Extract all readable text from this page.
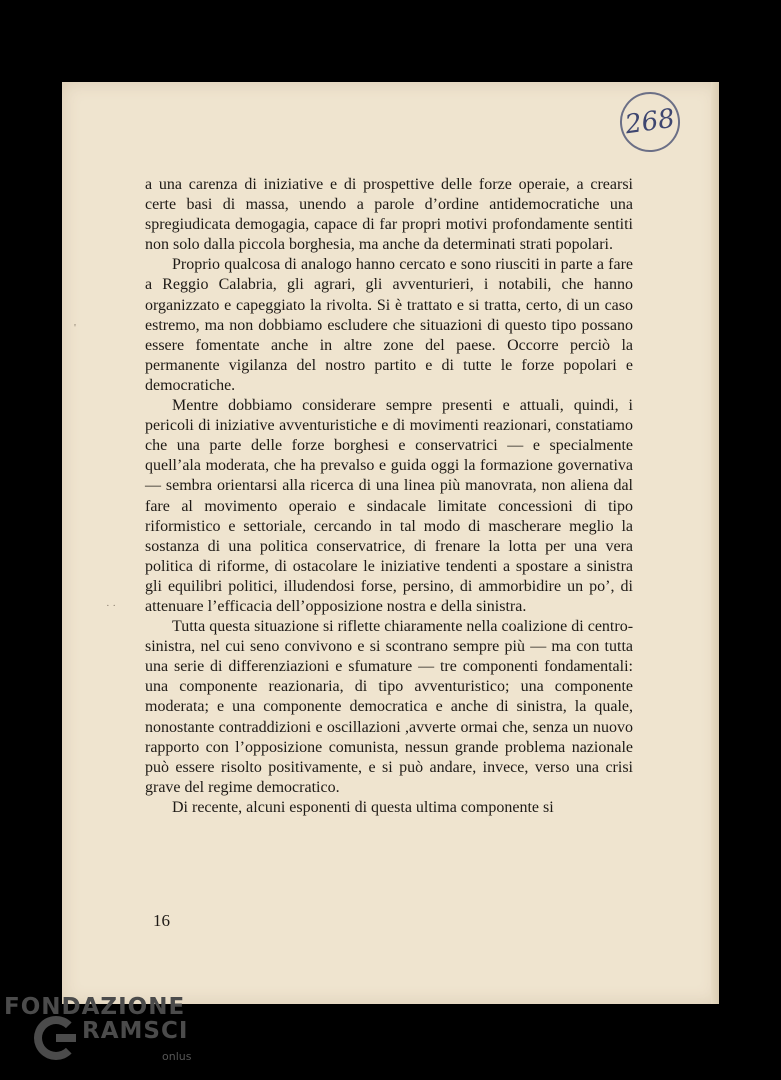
268

a una carenza di iniziative e di prospettive delle forze operaie, a crearsi certe basi di massa, unendo a parole d’ordine antidemocratiche una spregiudicata demogagia, capace di far propri motivi profondamente sentiti non solo dalla piccola borghesia, ma anche da determinati strati popolari.

Proprio qualcosa di analogo hanno cercato e sono riusciti in parte a fare a Reggio Calabria, gli agrari, gli avventurieri, i notabili, che hanno organizzato e capeggiato la rivolta. Si è trattato e si tratta, certo, di un caso estremo, ma non dobbiamo escludere che situazioni di questo tipo possano essere fomentate anche in altre zone del paese. Occorre perciò la permanente vigilanza del nostro partito e di tutte le forze popolari e democratiche.

Mentre dobbiamo considerare sempre presenti e attuali, quindi, i pericoli di iniziative avventuristiche e di movimenti reazionari, constatiamo che una parte delle forze borghesi e conservatrici — e specialmente quell’ala moderata, che ha prevalso e guida oggi la formazione governativa — sembra orientarsi alla ricerca di una linea più manovrata, non aliena dal fare al movimento operaio e sindacale limitate concessioni di tipo riformistico e settoriale, cercando in tal modo di mascherare meglio la sostanza di una politica conservatrice, di frenare la lotta per una vera politica di riforme, di ostacolare le iniziative tendenti a spostare a sinistra gli equilibri politici, illudendosi forse, persino, di ammorbidire un po’, di attenuare l’efficacia dell’opposizione nostra e della sinistra.

Tutta questa situazione si riflette chiaramente nella coalizione di centro-sinistra, nel cui seno convivono e si scontrano sempre più — ma con tutta una serie di differenziazioni e sfumature — tre componenti fondamentali: una componente reazionaria, di tipo avventuristico; una componente moderata; e una componente democratica e anche di sinistra, la quale, nonostante contraddizioni e oscillazioni ,avverte ormai che, senza un nuovo rapporto con l’opposizione comunista, nessun grande problema nazionale può essere risolto positivamente, e si può andare, invece, verso una crisi grave del regime democratico.

Di recente, alcuni esponenti di questa ultima componente si

'
· ·
16
FONDAZIONE
RAMSCI
onlus
